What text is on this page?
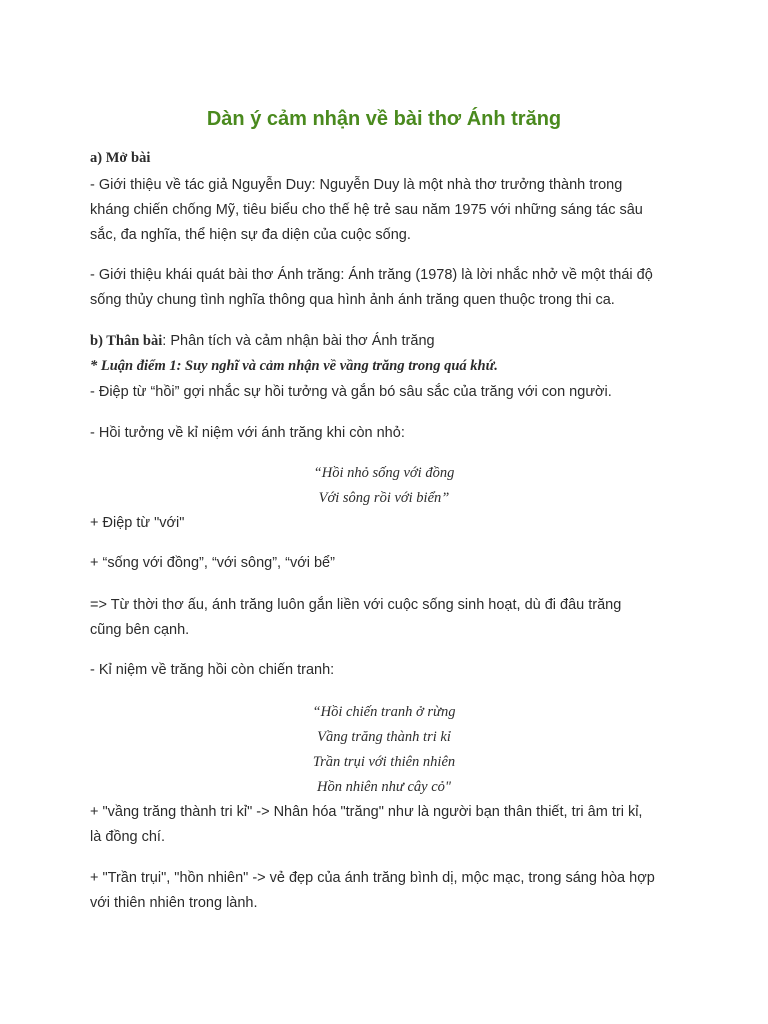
Dàn ý cảm nhận về bài thơ Ánh trăng

a) Mở bài

- Giới thiệu về tác giả Nguyễn Duy: Nguyễn Duy là một nhà thơ trưởng thành trong

kháng chiến chống Mỹ, tiêu biểu cho thế hệ trẻ sau năm 1975 với những sáng tác sâu

sắc, đa nghĩa, thể hiện sự đa diện của cuộc sống.

- Giới thiệu khái quát bài thơ Ánh trăng: Ánh trăng (1978) là lời nhắc nhở về một thái độ

sống thủy chung tình nghĩa thông qua hình ảnh ánh trăng quen thuộc trong thi ca.

b) Thân bài: Phân tích và cảm nhận bài thơ Ánh trăng

* Luận điểm 1: Suy nghĩ và cảm nhận về vầng trăng trong quá khứ.

- Điệp từ “hồi” gợi nhắc sự hồi tưởng và gắn bó sâu sắc của trăng với con người.

- Hồi tưởng về kỉ niệm với ánh trăng khi còn nhỏ:

“Hồi nhỏ sống với đồng

Với sông rồi với biển”

+ Điệp từ "với"

+ “sống với đồng”, “với sông”, “với bể”

=> Từ thời thơ ấu, ánh trăng luôn gắn liền với cuộc sống sinh hoạt, dù đi đâu trăng

cũng bên cạnh.

- Kỉ niệm về trăng hồi còn chiến tranh:

“Hồi chiến tranh ở rừng

Vầng trăng thành tri kỉ

Trần trụi với thiên nhiên

Hồn nhiên như cây cỏ"

+ "vầng trăng thành tri kỉ" -> Nhân hóa "trăng" như là người bạn thân thiết, tri âm tri kỉ,

là đồng chí.

+ "Trần trụi", "hồn nhiên" -> vẻ đẹp của ánh trăng bình dị, mộc mạc, trong sáng hòa hợp

với thiên nhiên trong lành.
